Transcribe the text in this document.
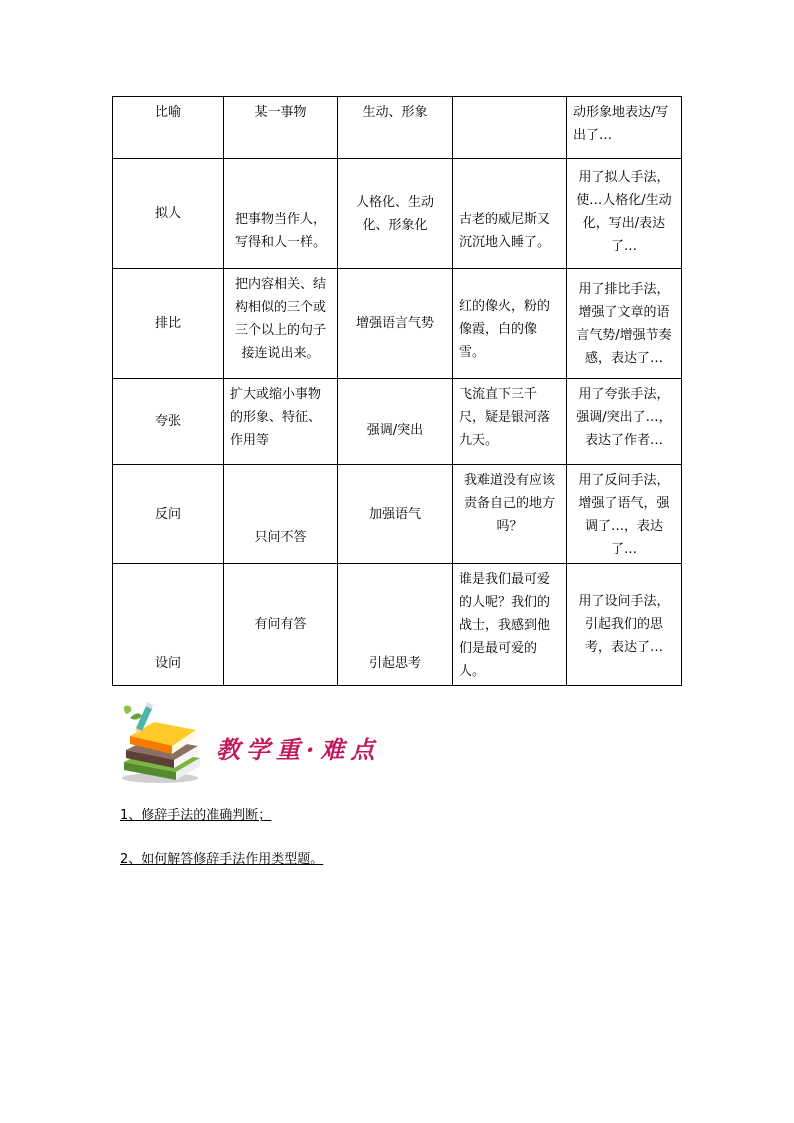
比喻	某一事物	生动、形象		动形象地表达/写出了…
拟人	把事物当作人，写得和人一样。	人格化、生动化、形象化	古老的威尼斯又沉沉地入睡了。	用了拟人手法，使…人格化/生动化，写出/表达了…
排比	把内容相关、结构相似的三个或三个以上的句子接连说出来。	增强语言气势	红的像火，粉的像霞，白的像雪。	用了排比手法，增强了文章的语言气势/增强节奏感，表达了…
夸张	扩大或缩小事物的形象、特征、作用等	强调/突出	飞流直下三千尺，疑是银河落九天。	用了夸张手法，强调/突出了…，表达了作者…
反问	只问不答	加强语气	我难道没有应该责备自己的地方吗？	用了反问手法，增强了语气，强调了…，表达了…
设问	有问有答	引起思考	谁是我们最可爱的人呢？我们的战士，我感到他们是最可爱的人。	用了设问手法，引起我们的思考，表达了…
教学重·难点
1、修辞手法的准确判断；
2、如何解答修辞手法作用类型题。
